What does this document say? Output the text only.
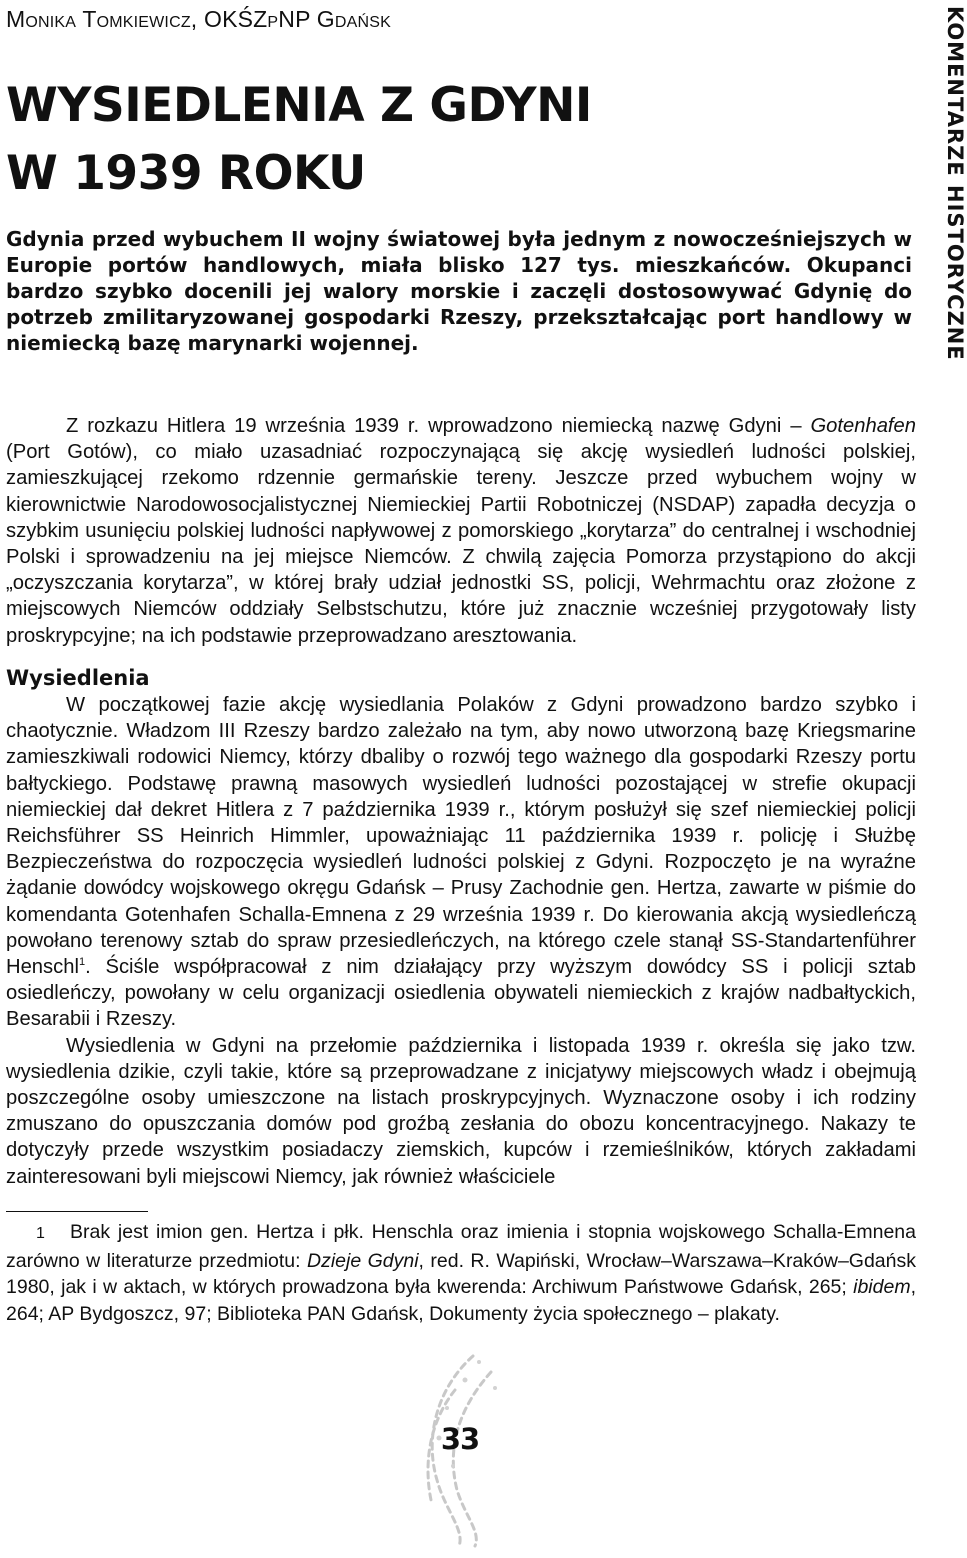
Monika Tomkiewicz, OKŚZpNP Gdańsk
WYSIEDLENIA Z GDYNI
W 1939 ROKU
Gdynia przed wybuchem II wojny światowej była jednym z nowocześniejszych w Europie portów handlowych, miała blisko 127 tys. mieszkańców. Okupanci bardzo szybko docenili jej walory morskie i zaczęli dostosowywać Gdynię do potrzeb zmilitaryzowanej gospodarki Rzeszy, przekształcając port handlowy w niemiecką bazę marynarki wojennej.

Z rozkazu Hitlera 19 września 1939 r. wprowadzono niemiecką nazwę Gdyni – Gotenhafen (Port Gotów), co miało uzasadniać rozpoczynającą się akcję wysiedleń ludności polskiej, zamieszkującej rzekomo rdzennie germańskie tereny. Jeszcze przed wybuchem wojny w kierownictwie Narodowosocjalistycznej Niemieckiej Partii Robotniczej (NSDAP) zapadła decyzja o szybkim usunięciu polskiej ludności napływowej z pomorskiego „korytarza” do centralnej i wschodniej Polski i sprowadzeniu na jej miejsce Niemców. Z chwilą zajęcia Pomorza przystąpiono do akcji „oczyszczania korytarza”, w której brały udział jednostki SS, policji, Wehrmachtu oraz złożone z miejscowych Niemców oddziały Selbstschutzu, które już znacznie wcześniej przygotowały listy proskrypcyjne; na ich podstawie przeprowadzano aresztowania.

Wysiedlenia

W początkowej fazie akcję wysiedlania Polaków z Gdyni prowadzono bardzo szybko i chaotycznie. Władzom III Rzeszy bardzo zależało na tym, aby nowo utworzoną bazę Kriegsmarine zamieszkiwali rodowici Niemcy, którzy dbaliby o rozwój tego ważnego dla gospodarki Rzeszy portu bałtyckiego. Podstawę prawną masowych wysiedleń ludności pozostającej w strefie okupacji niemieckiej dał dekret Hitlera z 7 października 1939 r., którym posłużył się szef niemieckiej policji Reichsführer SS Heinrich Himmler, upoważniając 11 października 1939 r. policję i Służbę Bezpieczeństwa do rozpoczęcia wysiedleń ludności polskiej z Gdyni. Rozpoczęto je na wyraźne żądanie dowódcy wojskowego okręgu Gdańsk – Prusy Zachodnie gen. Hertza, zawarte w piśmie do komendanta Gotenhafen Schalla-Emnena z 29 września 1939 r. Do kierowania akcją wysiedleńczą powołano terenowy sztab do spraw przesiedleńczych, na którego czele stanął SS-Standartenführer Henschl$^1$. Ściśle współpracował z nim działający przy wyższym dowódcy SS i policji sztab osiedleńczy, powołany w celu organizacji osiedlenia obywateli niemieckich z krajów nadbałtyckich, Besarabii i Rzeszy.

Wysiedlenia w Gdyni na przełomie października i listopada 1939 r. określa się jako tzw. wysiedlenia dzikie, czyli takie, które są przeprowadzane z inicjatywy miejscowych władz i obejmują poszczególne osoby umieszczone na listach proskrypcyjnych. Wyznaczone osoby i ich rodziny zmuszano do opuszczania domów pod groźbą zesłania do obozu koncentracyjnego. Nakazy te dotyczyły przede wszystkim posiadaczy ziemskich, kupców i rzemieślników, których zakładami zainteresowani byli miejscowi Niemcy, jak również właściciele

1 Brak jest imion gen. Hertza i płk. Henschla oraz imienia i stopnia wojskowego Schalla-Emnena zarówno w literaturze przedmiotu: Dzieje Gdyni, red. R. Wapiński, Wrocław–Warszawa–Kraków–Gdańsk 1980, jak i w aktach, w których prowadzona była kwerenda: Archiwum Państwowe Gdańsk, 265; ibidem, 264; AP Bydgoszcz, 97; Biblioteka PAN Gdańsk, Dokumenty życia społecznego – plakaty.
KOMENTARZE HISTORYCZNE
33
